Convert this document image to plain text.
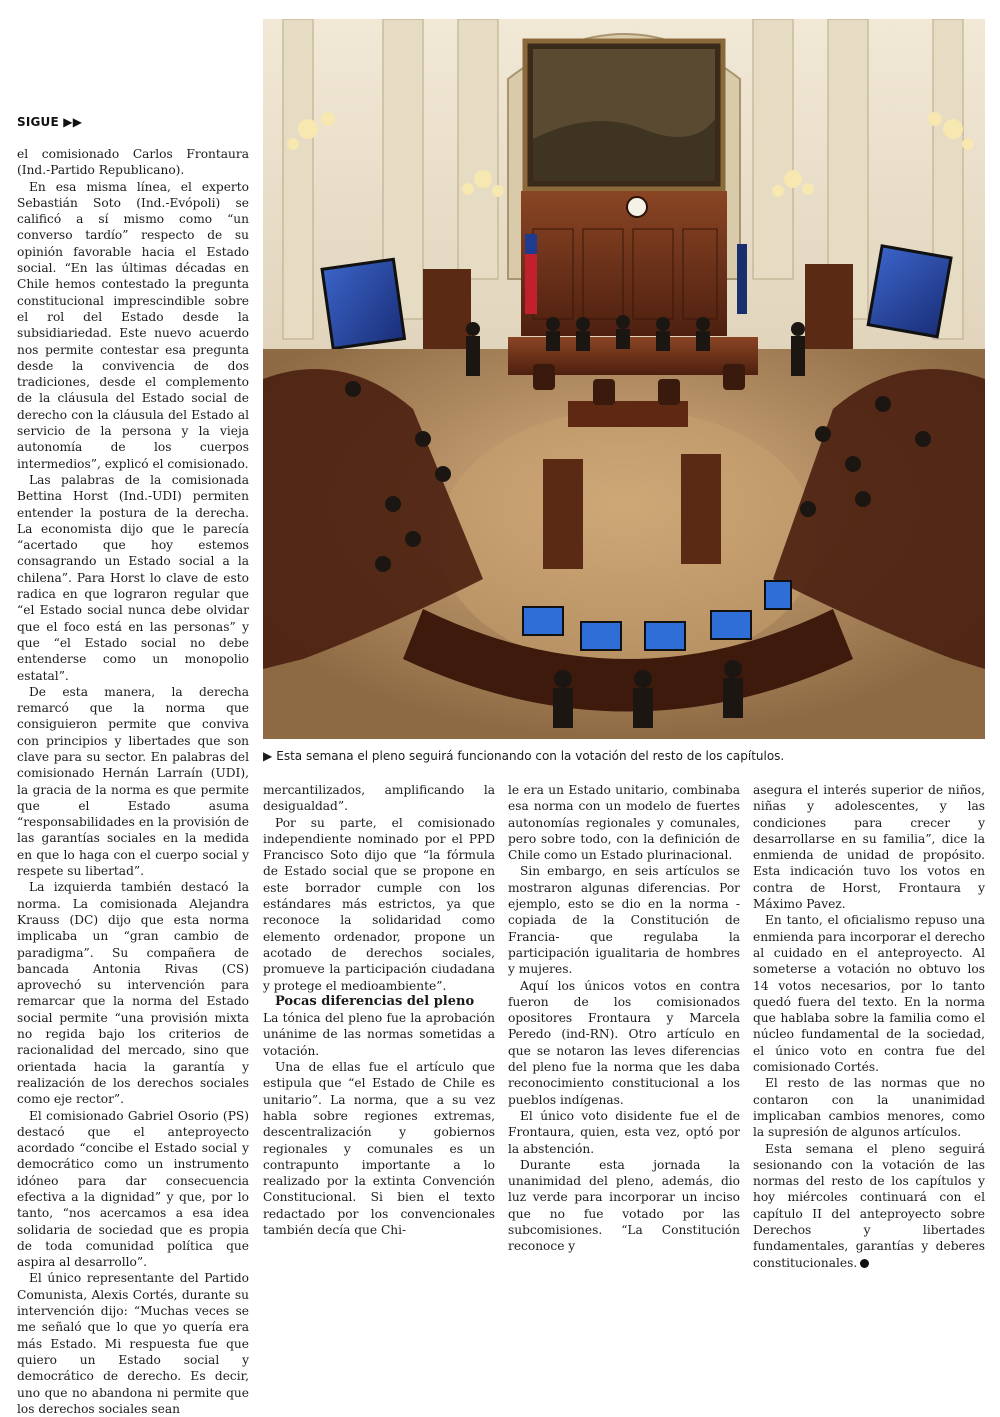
SIGUE ▶▶

el comisionado Carlos Frontaura (Ind.-Partido Republicano).

En esa misma línea, el experto Sebastián Soto (Ind.-Evópoli) se calificó a sí mismo como “un converso tardío” respecto de su opinión favorable hacia el Estado social. “En las últimas décadas en Chile hemos contestado la pregunta constitucional imprescindible sobre el rol del Estado desde la subsidiariedad. Este nuevo acuerdo nos permite contestar esa pregunta desde la convivencia de dos tradiciones, desde el complemento de la cláusula del Estado social de derecho con la cláusula del Estado al servicio de la persona y la vieja autonomía de los cuerpos intermedios”, explicó el comisionado.

Las palabras de la comisionada Bettina Horst (Ind.-UDI) permiten entender la postura de la derecha. La economista dijo que le parecía “acertado que hoy estemos consagrando un Estado social a la chilena”. Para Horst lo clave de esto radica en que lograron regular que “el Estado social nunca debe olvidar que el foco está en las personas” y que “el Estado social no debe entenderse como un monopolio estatal”.

De esta manera, la derecha remarcó que la norma que consiguieron permite que conviva con principios y libertades que son clave para su sector. En palabras del comisionado Hernán Larraín (UDI), la gracia de la norma es que permite que el Estado asuma “responsabilidades en la provisión de las garantías sociales en la medida en que lo haga con el cuerpo social y respete su libertad”.

La izquierda también destacó la norma. La comisionada Alejandra Krauss (DC) dijo que esta norma implicaba un “gran cambio de paradigma”. Su compañera de bancada Antonia Rivas (CS) aprovechó su intervención para remarcar que la norma del Estado social permite “una provisión mixta no regida bajo los criterios de racionalidad del mercado, sino que orientada hacia la garantía y realización de los derechos sociales como eje rector”.

El comisionado Gabriel Osorio (PS) destacó que el anteproyecto acordado “concibe el Estado social y democrático como un instrumento idóneo para dar consecuencia efectiva a la dignidad” y que, por lo tanto, “nos acercamos a esa idea solidaria de sociedad que es propia de toda comunidad política que aspira al desarrollo”.

El único representante del Partido Comunista, Alexis Cortés, durante su intervención dijo: “Muchas veces se me señaló que lo que yo quería era más Estado. Mi respuesta fue que quiero un Estado social y democrático de derecho. Es decir, uno que no abandona ni permite que los derechos sociales sean

▶ Esta semana el pleno seguirá funcionando con la votación del resto de los capítulos.

mercantilizados, amplificando la desigualdad”.

Por su parte, el comisionado independiente nominado por el PPD Francisco Soto dijo que “la fórmula de Estado social que se propone en este borrador cumple con los estándares más estrictos, ya que reconoce la solidaridad como elemento ordenador, propone un acotado de derechos sociales, promueve la participación ciudadana y protege el medioambiente”.

Pocas diferencias del pleno

La tónica del pleno fue la aprobación unánime de las normas sometidas a votación.

Una de ellas fue el artículo que estipula que “el Estado de Chile es unitario”. La norma, que a su vez habla sobre regiones extremas, descentralización y gobiernos regionales y comunales es un contrapunto importante a lo realizado por la extinta Convención Constitucional. Si bien el texto redactado por los convencionales también decía que Chi-

le era un Estado unitario, combinaba esa norma con un modelo de fuertes autonomías regionales y comunales, pero sobre todo, con la definición de Chile como un Estado plurinacional.

Sin embargo, en seis artículos se mostraron algunas diferencias. Por ejemplo, esto se dio en la norma -copiada de la Constitución de Francia- que regulaba la participación igualitaria de hombres y mujeres.

Aquí los únicos votos en contra fueron de los comisionados opositores Frontaura y Marcela Peredo (ind-RN). Otro artículo en que se notaron las leves diferencias del pleno fue la norma que les daba reconocimiento constitucional a los pueblos indígenas.

El único voto disidente fue el de Frontaura, quien, esta vez, optó por la abstención.

Durante esta jornada la unanimidad del pleno, además, dio luz verde para incorporar un inciso que no fue votado por las subcomisiones. “La Constitución reconoce y

asegura el interés superior de niños, niñas y adolescentes, y las condiciones para crecer y desarrollarse en su familia”, dice la enmienda de unidad de propósito. Esta indicación tuvo los votos en contra de Horst, Frontaura y Máximo Pavez.

En tanto, el oficialismo repuso una enmienda para incorporar el derecho al cuidado en el anteproyecto. Al someterse a votación no obtuvo los 14 votos necesarios, por lo tanto quedó fuera del texto. En la norma que hablaba sobre la familia como el núcleo fundamental de la sociedad, el único voto en contra fue del comisionado Cortés.

El resto de las normas que no contaron con la unanimidad implicaban cambios menores, como la supresión de algunos artículos.

Esta semana el pleno seguirá sesionando con la votación de las normas del resto de los capítulos y hoy miércoles continuará con el capítulo II del anteproyecto sobre Derechos y libertades fundamentales, garantías y deberes constitucionales.
